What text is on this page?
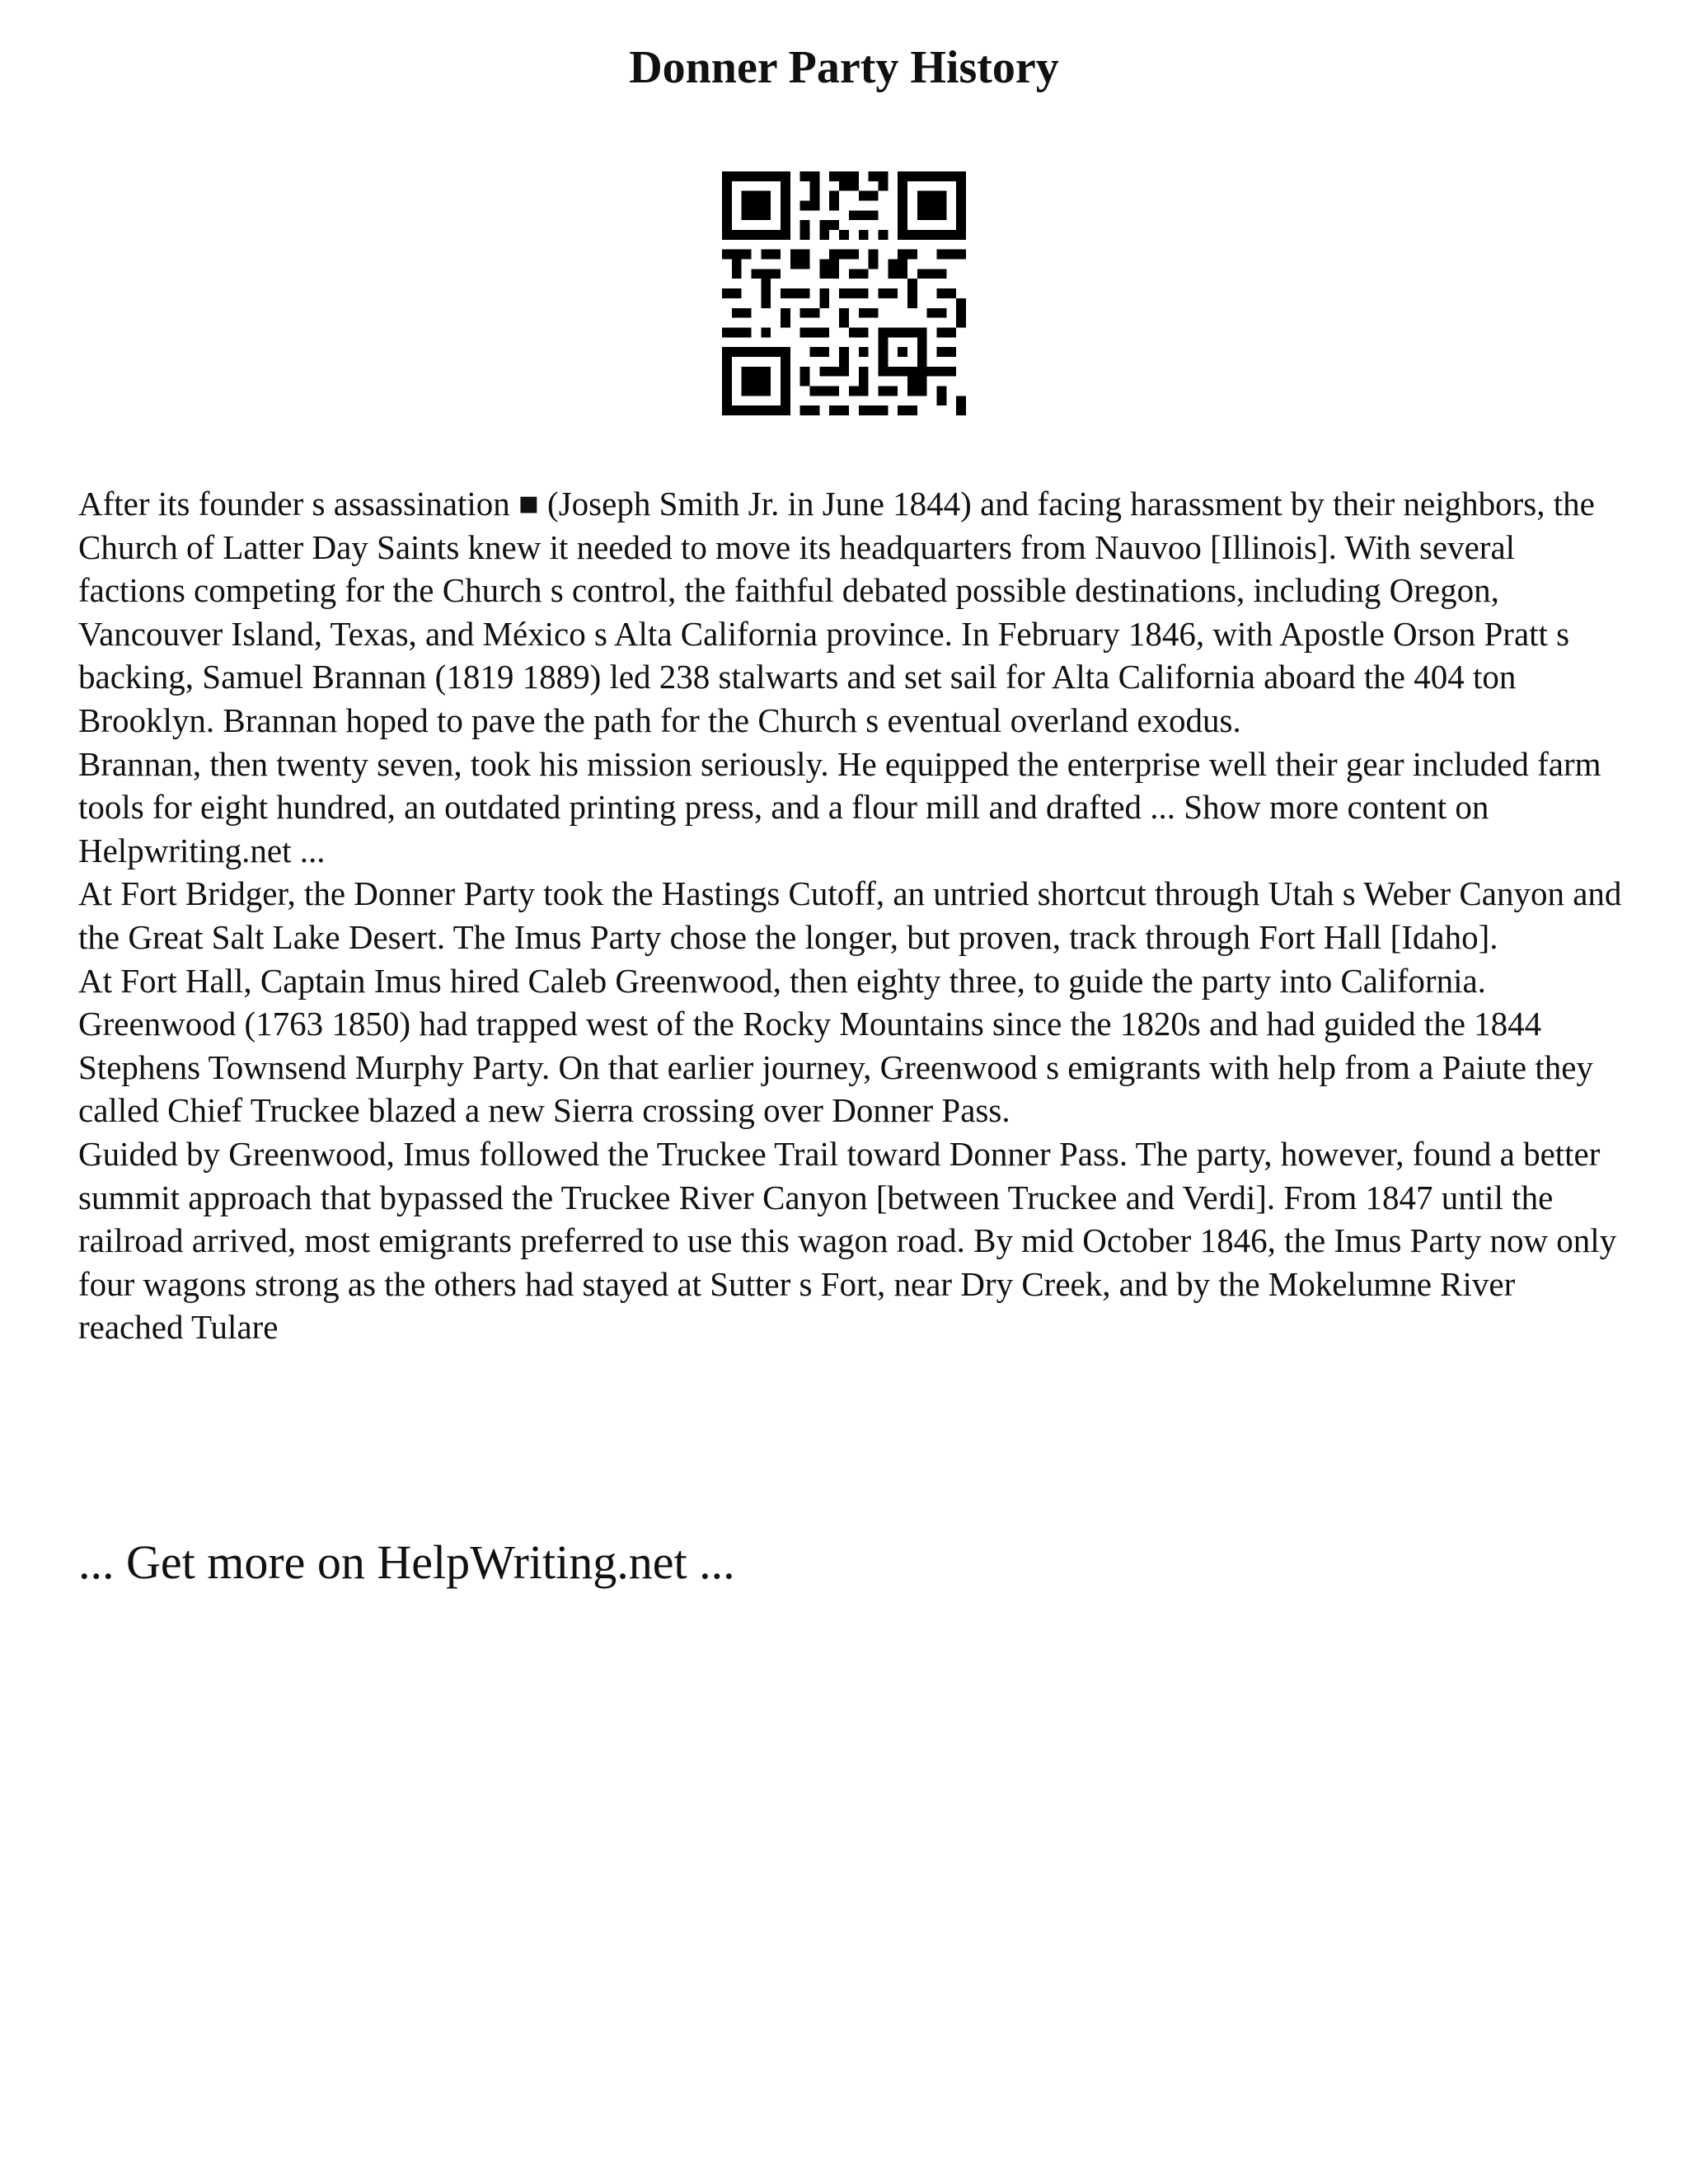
Donner Party History

After its founder s assassination ■ (Joseph Smith Jr. in June 1844) and facing harassment by their neighbors, the Church of Latter Day Saints knew it needed to move its headquarters from Nauvoo [Illinois]. With several factions competing for the Church s control, the faithful debated possible destinations, including Oregon, Vancouver Island, Texas, and México s Alta California province. In February 1846, with Apostle Orson Pratt s backing, Samuel Brannan (1819 1889) led 238 stalwarts and set sail for Alta California aboard the 404 ton Brooklyn. Brannan hoped to pave the path for the Church s eventual overland exodus.

Brannan, then twenty seven, took his mission seriously. He equipped the enterprise well their gear included farm tools for eight hundred, an outdated printing press, and a flour mill and drafted ... Show more content on Helpwriting.net ...

At Fort Bridger, the Donner Party took the Hastings Cutoff, an untried shortcut through Utah s Weber Canyon and the Great Salt Lake Desert. The Imus Party chose the longer, but proven, track through Fort Hall [Idaho].

At Fort Hall, Captain Imus hired Caleb Greenwood, then eighty three, to guide the party into California. Greenwood (1763 1850) had trapped west of the Rocky Mountains since the 1820s and had guided the 1844 Stephens Townsend Murphy Party. On that earlier journey, Greenwood s emigrants with help from a Paiute they called Chief Truckee blazed a new Sierra crossing over Donner Pass.

Guided by Greenwood, Imus followed the Truckee Trail toward Donner Pass. The party, however, found a better summit approach that bypassed the Truckee River Canyon [between Truckee and Verdi]. From 1847 until the railroad arrived, most emigrants preferred to use this wagon road. By mid October 1846, the Imus Party now only four wagons strong as the others had stayed at Sutter s Fort, near Dry Creek, and by the Mokelumne River reached Tulare

... Get more on HelpWriting.net ...
